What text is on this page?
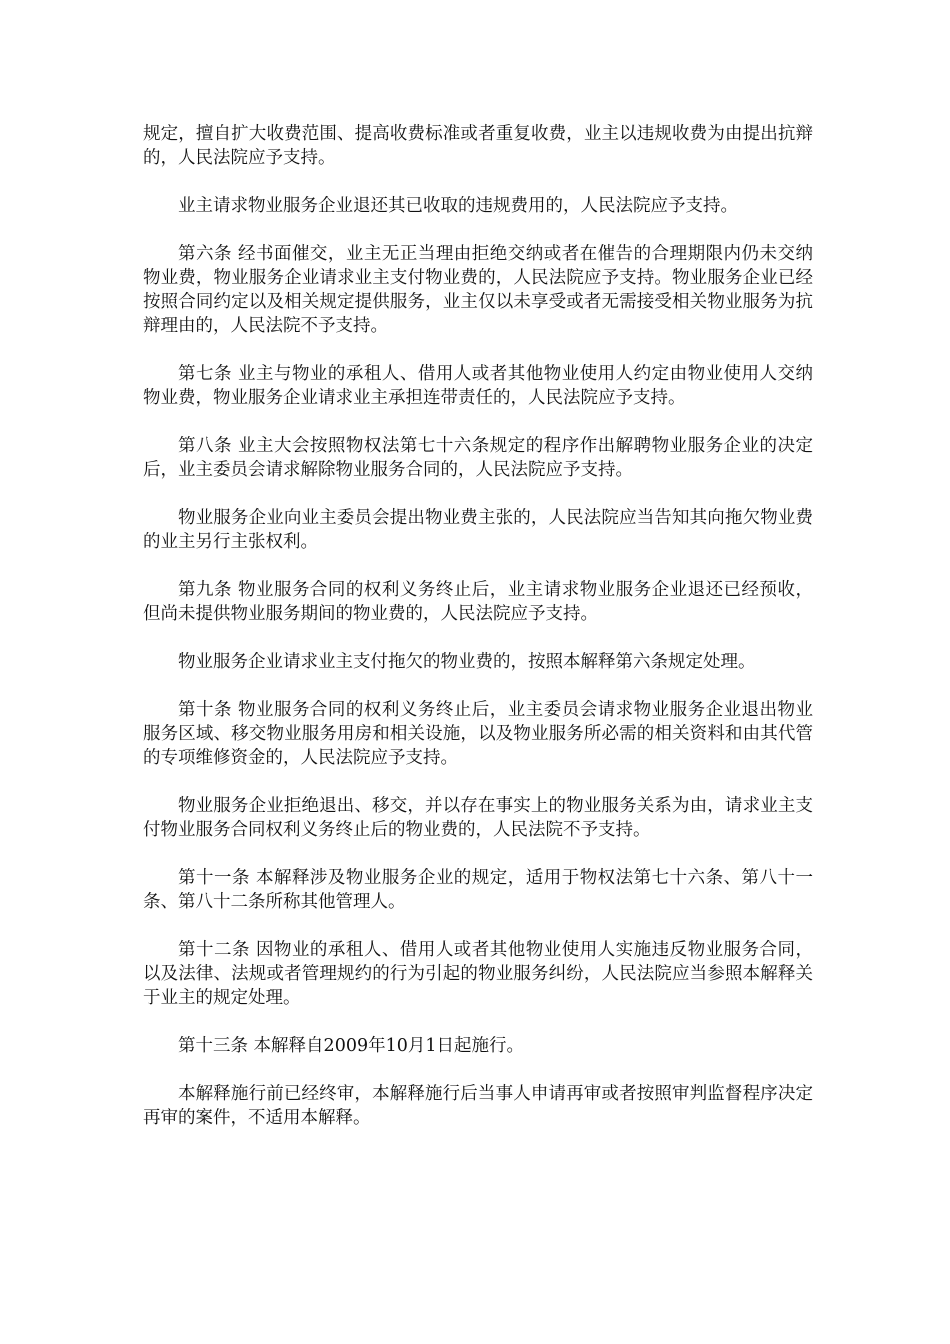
规定，擅自扩大收费范围、提高收费标准或者重复收费，业主以违规收费为由提出抗辩的，人民法院应予支持。

业主请求物业服务企业退还其已收取的违规费用的，人民法院应予支持。

第六条 经书面催交，业主无正当理由拒绝交纳或者在催告的合理期限内仍未交纳物业费，物业服务企业请求业主支付物业费的，人民法院应予支持。物业服务企业已经按照合同约定以及相关规定提供服务，业主仅以未享受或者无需接受相关物业服务为抗辩理由的，人民法院不予支持。

第七条 业主与物业的承租人、借用人或者其他物业使用人约定由物业使用人交纳物业费，物业服务企业请求业主承担连带责任的，人民法院应予支持。

第八条 业主大会按照物权法第七十六条规定的程序作出解聘物业服务企业的决定后，业主委员会请求解除物业服务合同的，人民法院应予支持。

物业服务企业向业主委员会提出物业费主张的，人民法院应当告知其向拖欠物业费的业主另行主张权利。

第九条 物业服务合同的权利义务终止后，业主请求物业服务企业退还已经预收，但尚未提供物业服务期间的物业费的，人民法院应予支持。

物业服务企业请求业主支付拖欠的物业费的，按照本解释第六条规定处理。

第十条 物业服务合同的权利义务终止后，业主委员会请求物业服务企业退出物业服务区域、移交物业服务用房和相关设施，以及物业服务所必需的相关资料和由其代管的专项维修资金的，人民法院应予支持。

物业服务企业拒绝退出、移交，并以存在事实上的物业服务关系为由，请求业主支付物业服务合同权利义务终止后的物业费的，人民法院不予支持。

第十一条 本解释涉及物业服务企业的规定，适用于物权法第七十六条、第八十一条、第八十二条所称其他管理人。

第十二条 因物业的承租人、借用人或者其他物业使用人实施违反物业服务合同，以及法律、法规或者管理规约的行为引起的物业服务纠纷，人民法院应当参照本解释关于业主的规定处理。

第十三条 本解释自2009年10月1日起施行。

本解释施行前已经终审，本解释施行后当事人申请再审或者按照审判监督程序决定再审的案件，不适用本解释。
